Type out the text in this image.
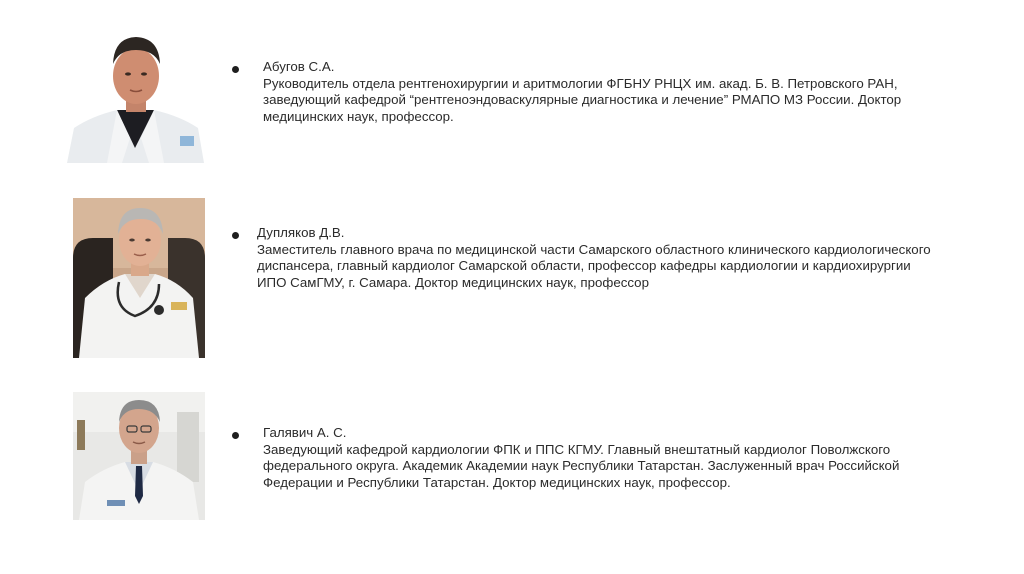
Абугов С.А.
Руководитель отдела рентгенохирургии и аритмологии ФГБНУ РНЦХ им. акад. Б. В. Петровского РАН,
заведующий кафедрой “рентгеноэндоваскулярные диагностика и лечение” РМАПО МЗ России. Доктор
медицинских наук, профессор.
Дупляков Д.В.
Заместитель главного врача по медицинской части Самарского областного клинического кардиологического
диспансера, главный кардиолог Самарской области, профессор кафедры кардиологии и кардиохирургии
ИПО СамГМУ, г. Самара. Доктор медицинских наук, профессор
Галявич А. С.
Заведующий кафедрой кардиологии ФПК и ППС КГМУ. Главный внештатный кардиолог Поволжского
федерального округа. Академик Академии наук Республики Татарстан. Заслуженный врач Российской
Федерации и Республики Татарстан. Доктор медицинских наук, профессор.
